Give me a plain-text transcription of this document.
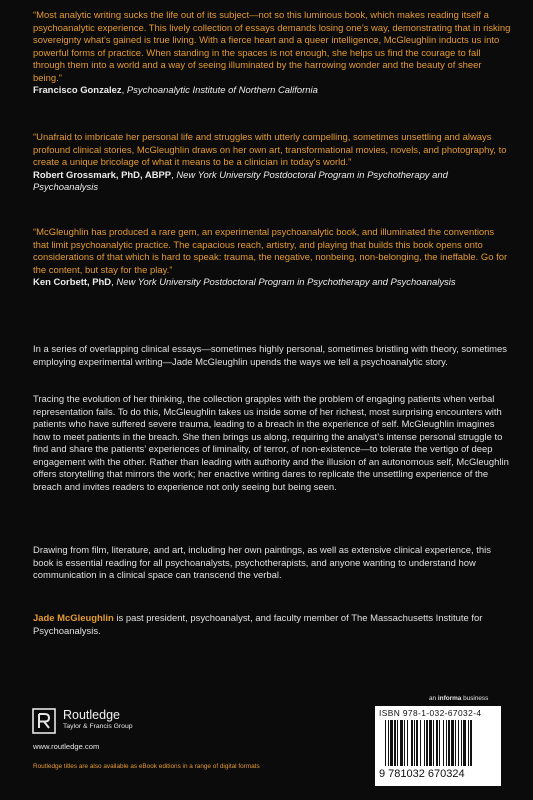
“Most analytic writing sucks the life out of its subject—not so this luminous book, which makes reading itself a psychoanalytic experience. This lively collection of essays demands losing one’s way, demonstrating that in risking sovereignty what’s gained is true living. With a fierce heart and a queer intelligence, McGleughlin inducts us into powerful forms of practice. When standing in the spaces is not enough, she helps us find the courage to fall through them into a world and a way of seeing illuminated by the harrowing wonder and the beauty of sheer being.”

Francisco Gonzalez, Psychoanalytic Institute of Northern California

“Unafraid to imbricate her personal life and struggles with utterly compelling, sometimes unsettling and always profound clinical stories, McGleughlin draws on her own art, transformational movies, novels, and photography, to create a unique bricolage of what it means to be a clinician in today’s world.”

Robert Grossmark, PhD, ABPP, New York University Postdoctoral Program in Psychotherapy and Psychoanalysis

“McGleughlin has produced a rare gem, an experimental psychoanalytic book, and illuminated the conventions that limit psychoanalytic practice. The capacious reach, artistry, and playing that builds this book opens onto considerations of that which is hard to speak: trauma, the negative, nonbeing, non-belonging, the ineffable. Go for the content, but stay for the play.”

Ken Corbett, PhD, New York University Postdoctoral Program in Psychotherapy and Psychoanalysis

In a series of overlapping clinical essays—sometimes highly personal, sometimes bristling with theory, sometimes employing experimental writing—Jade McGleughlin upends the ways we tell a psychoanalytic story.

Tracing the evolution of her thinking, the collection grapples with the problem of engaging patients when verbal representation fails. To do this, McGleughlin takes us inside some of her richest, most surprising encounters with patients who have suffered severe trauma, leading to a breach in the experience of self. McGleughlin imagines how to meet patients in the breach. She then brings us along, requiring the analyst’s intense personal struggle to find and share the patients’ experiences of liminality, of terror, of non-existence—to tolerate the vertigo of deep engagement with the other. Rather than leading with authority and the illusion of an autonomous self, McGleughlin offers storytelling that mirrors the work; her enactive writing dares to replicate the unsettling experience of the breach and invites readers to experience not only seeing but being seen.

Drawing from film, literature, and art, including her own paintings, as well as extensive clinical experience, this book is essential reading for all psychoanalysts, psychotherapists, and anyone wanting to understand how communication in a clinical space can transcend the verbal.

Jade McGleughlin is past president, psychoanalyst, and faculty member of The Massachusetts Institute for Psychoanalysis.

Routledge
Taylor & Francis Group
www.routledge.com
Routledge titles are also available as eBook editions in a range of digital formats
an informa business
ISBN 978-1-032-67032-4
9 781032 670324
